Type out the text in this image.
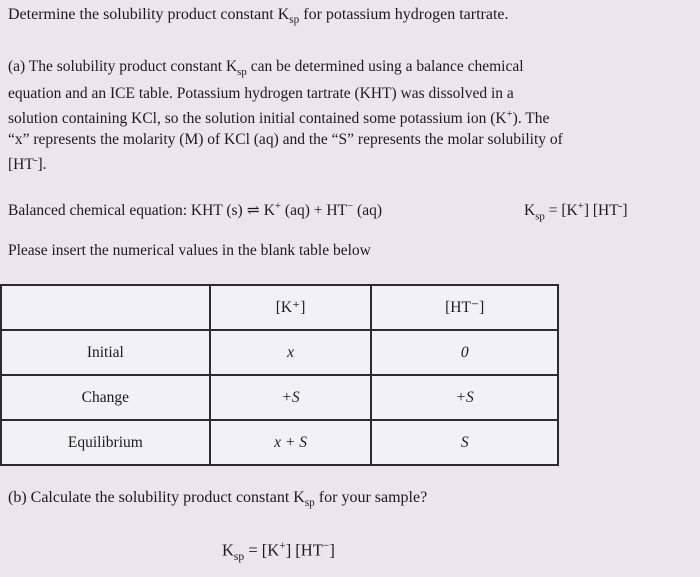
Determine the solubility product constant $K_{sp}$ for potassium hydrogen tartrate.
(a) The solubility product constant $K_{sp}$ can be determined using a balance chemical
equation and an ICE table. Potassium hydrogen tartrate (KHT) was dissolved in a
solution containing KCl, so the solution initial contained some potassium ion (K+). The
“x” represents the molarity (M) of KCl (aq) and the “S” represents the molar solubility of
[HT-].
Balanced chemical equation: KHT (s) ⇌ K+ (aq) + HT− (aq)	$K_{sp} = [K^+]$ [HT-]
Please insert the numerical values in the blank table below
	[K⁺]	[HT⁻]
Initial	x	0
Change	+S	+S
Equilibrium	x + S	S
(b) Calculate the solubility product constant $K_{sp}$ for your sample?
$K_{sp} = [K^+]$ [HT−]
